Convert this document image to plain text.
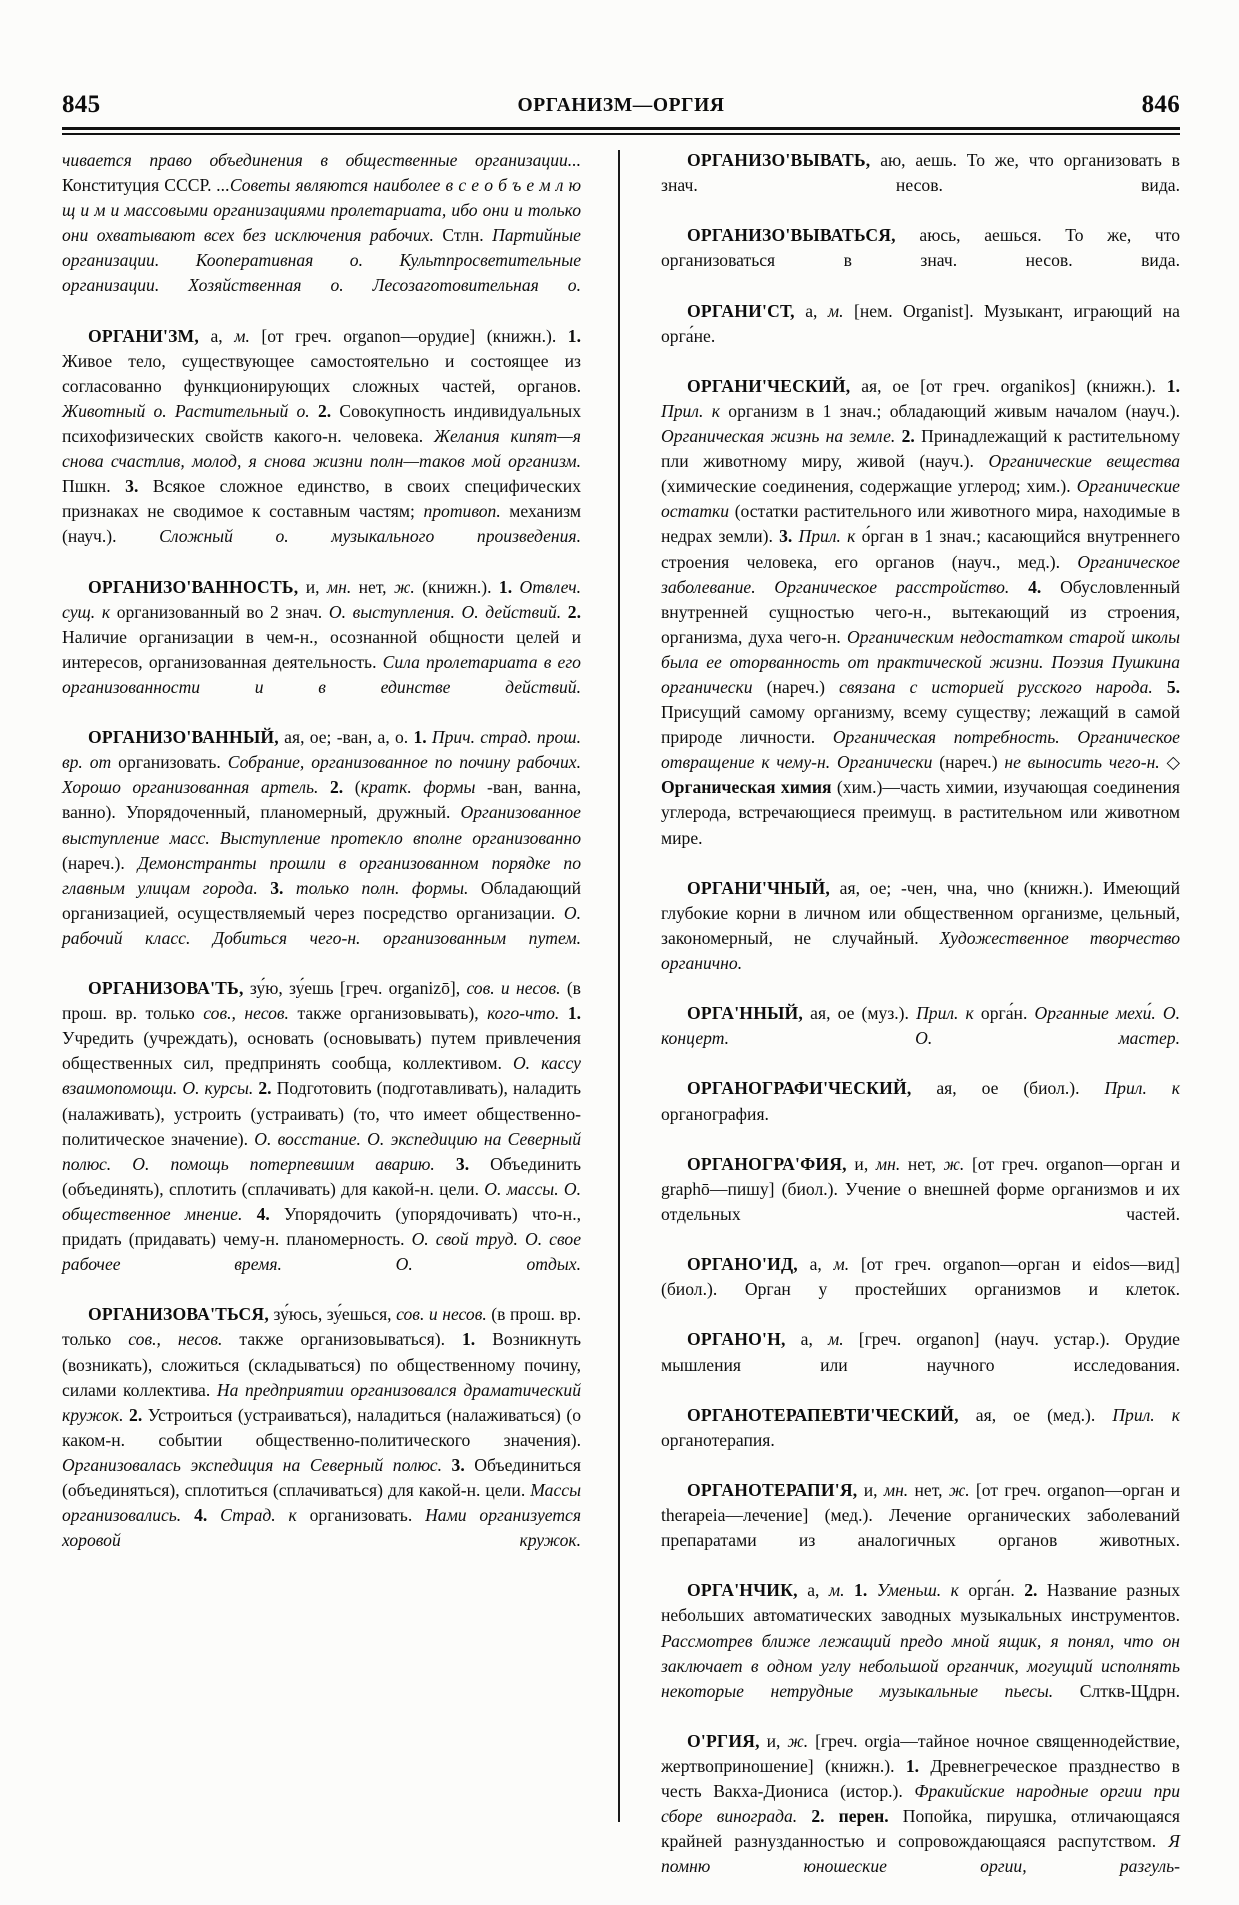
845	ОРГАНИЗМ—ОРГИЯ	846

чивается право объединения в общественные организации... Конституция СССР. ...Советы являются наиболее в с е о б ъ е м л ю щ и м и массовыми организациями пролетариата, ибо они и только они охватывают всех без исключения рабочих. Стлн. Партийные организации. Кооперативная о. Культпросветительные организации. Хозяйственная о. Лесозаготовительная о.

ОРГАНИ'ЗМ, а, м. [от греч. organon—орудие] (книжн.). 1. Живое тело, существующее самостоятельно и состоящее из согласованно функционирующих сложных частей, органов. Животный о. Растительный о. 2. Совокупность индивидуальных психофизических свойств какого-н. человека. Желания кипят—я снова счастлив, молод, я снова жизни полн—таков мой организм. Пшкн. 3. Всякое сложное единство, в своих специфических признаках не сводимое к составным частям; противоп. механизм (науч.). Сложный о. музыкального произведения.

ОРГАНИЗО'ВАННОСТЬ, и, мн. нет, ж. (книжн.). 1. Отвлеч. сущ. к организованный во 2 знач. О. выступления. О. действий. 2. Наличие организации в чем-н., осознанной общности целей и интересов, организованная деятельность. Сила пролетариата в его организованности и в единстве действий.

ОРГАНИЗО'ВАННЫЙ, ая, ое; -ван, а, о. 1. Прич. страд. прош. вр. от организовать. Собрание, организованное по почину рабочих. Хорошо организованная артель. 2. (кратк. формы -ван, ванна, ванно). Упорядоченный, планомерный, дружный. Организованное выступление масс. Выступление протекло вполне организованно (нареч.). Демонстранты прошли в организованном порядке по главным улицам города. 3. только полн. формы. Обладающий организацией, осуществляемый через посредство организации. О. рабочий класс. Добиться чего-н. организованным путем.

ОРГАНИЗОВА'ТЬ, зу́ю, зу́ешь [греч. organizō], сов. и несов. (в прош. вр. только сов., несов. также организовывать), кого-что. 1. Учредить (учреждать), основать (основывать) путем привлечения общественных сил, предпринять сообща, коллективом. О. кассу взаимопомощи. О. курсы. 2. Подготовить (подготавливать), наладить (налаживать), устроить (устраивать) (то, что имеет общественно-политическое значение). О. восстание. О. экспедицию на Северный полюс. О. помощь потерпевшим аварию. 3. Объединить (объединять), сплотить (сплачивать) для какой-н. цели. О. массы. О. общественное мнение. 4. Упорядочить (упорядочивать) что-н., придать (придавать) чему-н. планомерность. О. свой труд. О. свое рабочее время. О. отдых.

ОРГАНИЗОВА'ТЬСЯ, зу́юсь, зу́ешься, сов. и несов. (в прош. вр. только сов., несов. также организовываться). 1. Возникнуть (возникать), сложиться (складываться) по общественному почину, силами коллектива. На предприятии организовался драматический кружок. 2. Устроиться (устраиваться), наладиться (налаживаться) (о каком-н. событии общественно-политического значения). Организовалась экспедиция на Северный полюс. 3. Объединиться (объединяться), сплотиться (сплачиваться) для какой-н. цели. Массы организовались. 4. Страд. к организовать. Нами организуется хоровой кружок.

ОРГАНИЗО'ВЫВАТЬ, аю, аешь. То же, что организовать в знач. несов. вида.

ОРГАНИЗО'ВЫВАТЬСЯ, аюсь, аешься. То же, что организоваться в знач. несов. вида.

ОРГАНИ'СТ, а, м. [нем. Organist]. Музыкант, играющий на орга́не.

ОРГАНИ'ЧЕСКИЙ, ая, ое [от греч. organikos] (книжн.). 1. Прил. к организм в 1 знач.; обладающий живым началом (науч.). Органическая жизнь на земле. 2. Принадлежащий к растительному пли животному миру, живой (науч.). Органические вещества (химические соединения, содержащие углерод; хим.). Органические остатки (остатки растительного или животного мира, находимые в недрах земли). 3. Прил. к о́рган в 1 знач.; касающийся внутреннего строения человека, его органов (науч., мед.). Органическое заболевание. Органическое расстройство. 4. Обусловленный внутренней сущностью чего-н., вытекающий из строения, организма, духа чего-н. Органическим недостатком старой школы была ее оторванность от практической жизни. Поэзия Пушкина органически (нареч.) связана с историей русского народа. 5. Присущий самому организму, всему существу; лежащий в самой природе личности. Органическая потребность. Органическое отвращение к чему-н. Органически (нареч.) не выносить чего-н. ◇ Органическая химия (хим.)—часть химии, изучающая соединения углерода, встречающиеся преимущ. в растительном или животном мире.

ОРГАНИ'ЧНЫЙ, ая, ое; -чен, чна, чно (книжн.). Имеющий глубокие корни в личном или общественном организме, цельный, закономерный, не случайный. Художественное творчество органично.

ОРГА'ННЫЙ, ая, ое (муз.). Прил. к орга́н. Органные мехи́. О. концерт. О. мастер.

ОРГАНОГРАФИ'ЧЕСКИЙ, ая, ое (биол.). Прил. к органография.

ОРГАНОГРА'ФИЯ, и, мн. нет, ж. [от греч. organon—орган и graphō—пишу] (биол.). Учение о внешней форме организмов и их отдельных частей.

ОРГАНО'ИД, а, м. [от греч. organon—орган и eidos—вид] (биол.). Орган у простейших организмов и клеток.

ОРГАНО'Н, а, м. [греч. organon] (науч. устар.). Орудие мышления или научного исследования.

ОРГАНОТЕРАПЕВТИ'ЧЕСКИЙ, ая, ое (мед.). Прил. к органотерапия.

ОРГАНОТЕРАПИ'Я, и, мн. нет, ж. [от греч. organon—орган и therapeia—лечение] (мед.). Лечение органических заболеваний препаратами из аналогичных органов животных.

ОРГА'НЧИК, а, м. 1. Уменьш. к орга́н. 2. Название разных небольших автоматических заводных музыкальных инструментов. Рассмотрев ближе лежащий предо мной ящик, я понял, что он заключает в одном углу небольшой органчик, могущий исполнять некоторые нетрудные музыкальные пьесы. Слткв-Щдрн.

О'РГИЯ, и, ж. [греч. orgia—тайное ночное священнодействие, жертвоприношение] (книжн.). 1. Древнегреческое празднество в честь Вакха-Диониса (истор.). Фракийские народные оргии при сборе винограда. 2. перен. Попойка, пирушка, отличающаяся крайней разнузданностью и сопровождающаяся распутством. Я помню юношеские оргии, разгуль-
